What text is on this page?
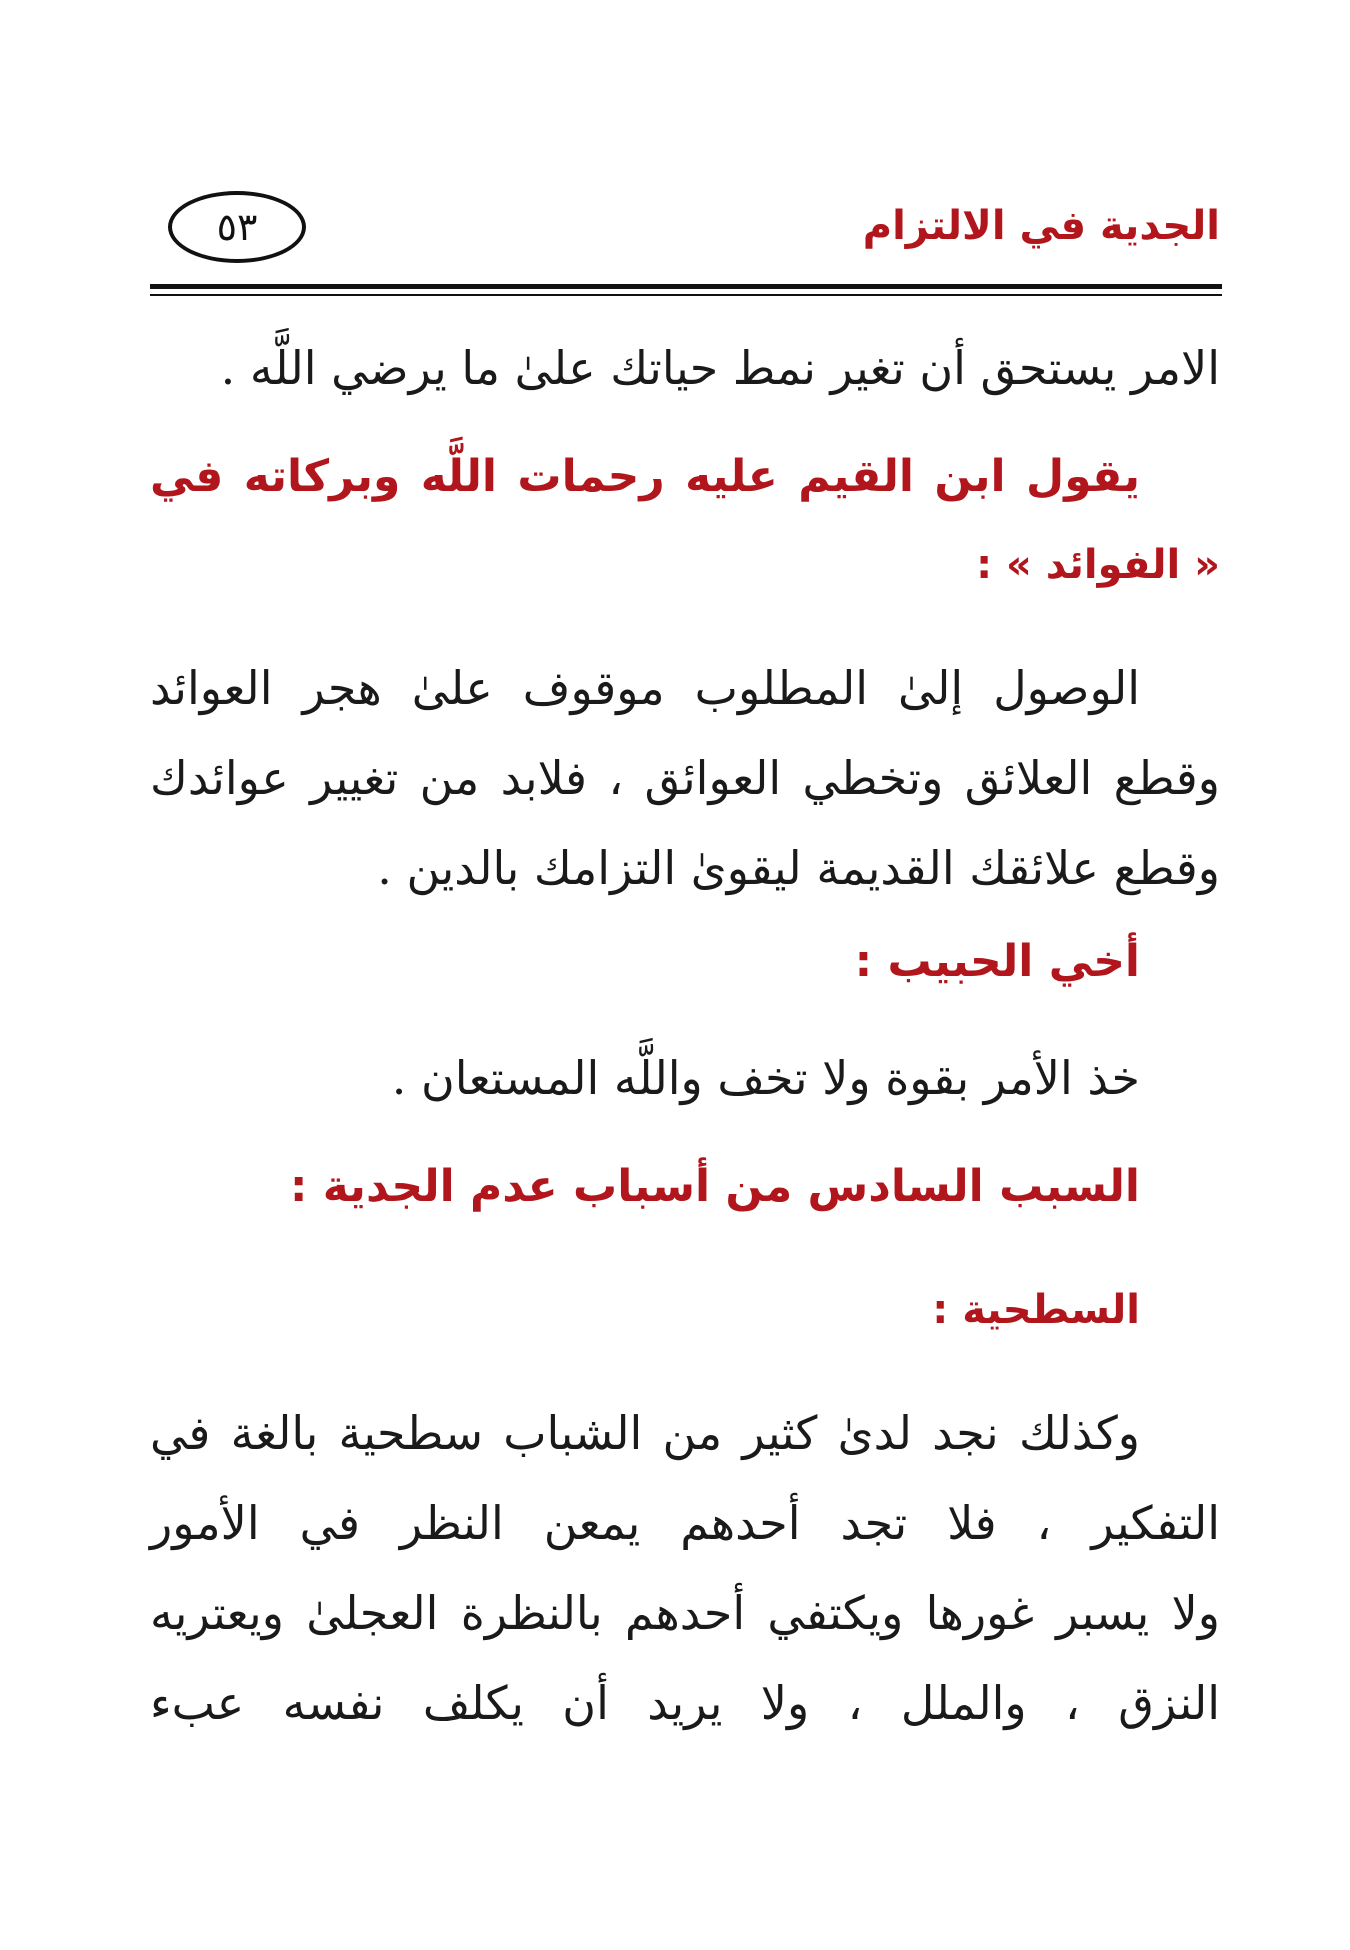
الجدية في الالتزام
٥٣
الامر يستحق أن تغير نمط حياتك علىٰ ما يرضي اللَّه .
يقول ابن القيم عليه رحمات اللَّه وبركاته في
« الفوائد » :
الوصول إلىٰ المطلوب موقوف علىٰ هجر العوائد
وقطع العلائق وتخطي العوائق ، فلابد من تغيير عوائدك
وقطع علائقك القديمة ليقوىٰ التزامك بالدين .
أخي الحبيب :
خذ الأمر بقوة ولا تخف واللَّه المستعان .
السبب السادس من أسباب عدم الجدية :
السطحية :
وكذلك نجد لدىٰ كثير من الشباب سطحية بالغة في
التفكير ، فلا تجد أحدهم يمعن النظر في الأمور
ولا يسبر غورها ويكتفي أحدهم بالنظرة العجلىٰ ويعتريه
النزق ، والملل ، ولا يريد أن يكلف نفسه عبء
